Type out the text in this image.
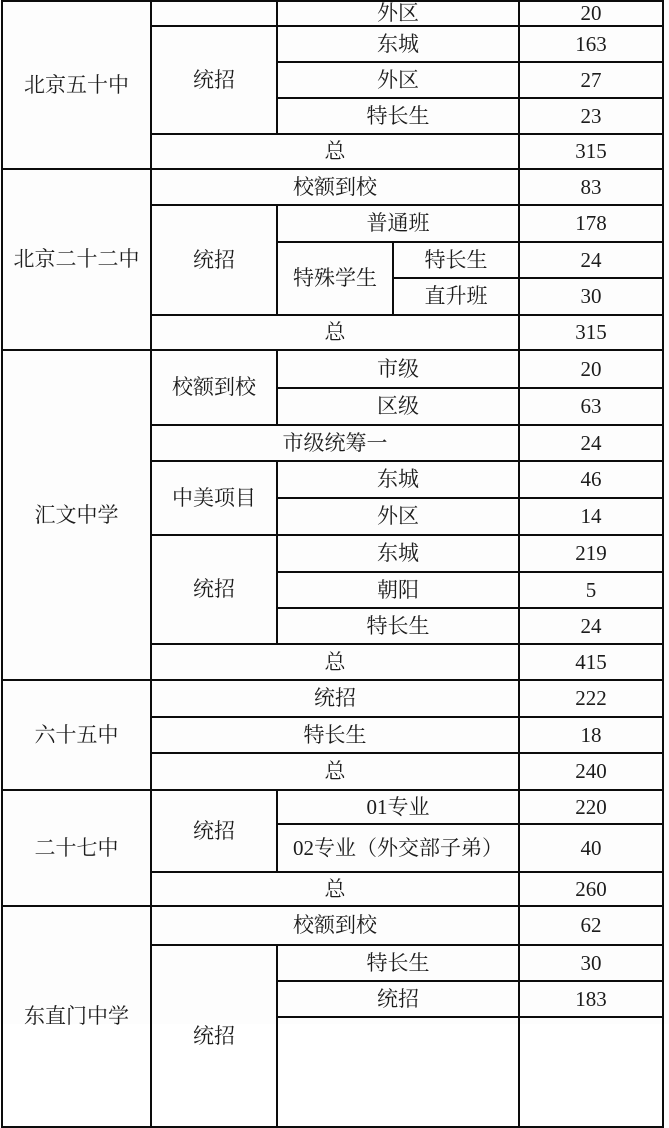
北京五十中		外区		20
	统招	东城		163
		外区		27
		特长生		23
	总			315
北京二十二中	校额到校			83
	统招	普通班		178
		特殊学生	特长生	24
			直升班	30
	总			315
汇文中学	校额到校	市级		20
		区级		63
	市级统筹一			24
	中美项目	东城		46
		外区		14
	统招	东城		219
		朝阳		5
		特长生		24
	总			415
六十五中	统招			222
	特长生			18
	总			240
二十七中	统招	01专业		220
		02专业（外交部子弟）		40
	总			260
东直门中学	校额到校			62
	统招	特长生		30
		统招		183
